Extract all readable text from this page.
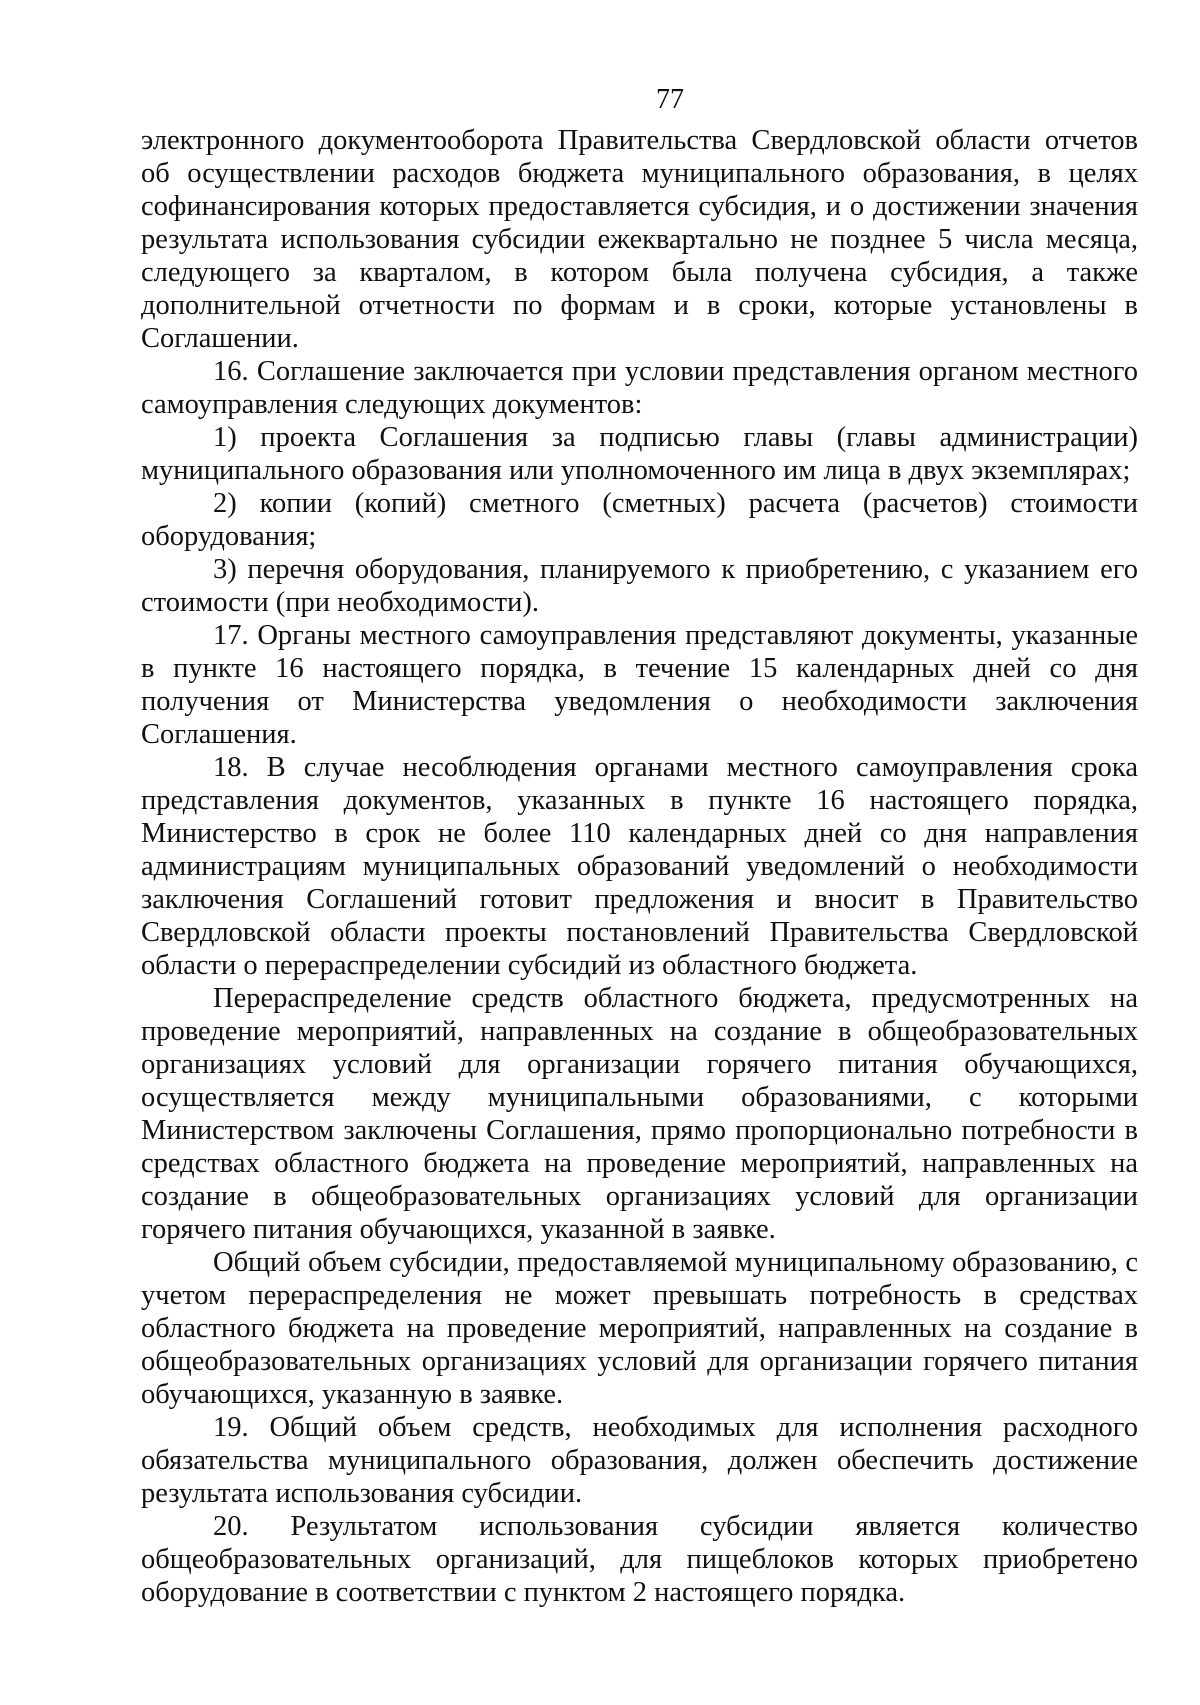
77

электронного документооборота Правительства Свердловской области отчетов об осуществлении расходов бюджета муниципального образования, в целях софинансирования которых предоставляется субсидия, и о достижении значения результата использования субсидии ежеквартально не позднее 5 числа месяца, следующего за кварталом, в котором была получена субсидия, а также дополнительной отчетности по формам и в сроки, которые установлены в Соглашении.

16. Соглашение заключается при условии представления органом местного самоуправления следующих документов:

1) проекта Соглашения за подписью главы (главы администрации) муниципального образования или уполномоченного им лица в двух экземплярах;

2) копии (копий) сметного (сметных) расчета (расчетов) стоимости оборудования;

3) перечня оборудования, планируемого к приобретению, с указанием его стоимости (при необходимости).

17. Органы местного самоуправления представляют документы, указанные в пункте 16 настоящего порядка, в течение 15 календарных дней со дня получения от Министерства уведомления о необходимости заключения Соглашения.

18. В случае несоблюдения органами местного самоуправления срока представления документов, указанных в пункте 16 настоящего порядка, Министерство в срок не более 110 календарных дней со дня направления администрациям муниципальных образований уведомлений о необходимости заключения Соглашений готовит предложения и вносит в Правительство Свердловской области проекты постановлений Правительства Свердловской области о перераспределении субсидий из областного бюджета.

Перераспределение средств областного бюджета, предусмотренных на проведение мероприятий, направленных на создание в общеобразовательных организациях условий для организации горячего питания обучающихся, осуществляется между муниципальными образованиями, с которыми Министерством заключены Соглашения, прямо пропорционально потребности в средствах областного бюджета на проведение мероприятий, направленных на создание в общеобразовательных организациях условий для организации горячего питания обучающихся, указанной в заявке.

Общий объем субсидии, предоставляемой муниципальному образованию, с учетом перераспределения не может превышать потребность в средствах областного бюджета на проведение мероприятий, направленных на создание в общеобразовательных организациях условий для организации горячего питания обучающихся, указанную в заявке.

19. Общий объем средств, необходимых для исполнения расходного обязательства муниципального образования, должен обеспечить достижение результата использования субсидии.

20. Результатом использования субсидии является количество общеобразовательных организаций, для пищеблоков которых приобретено оборудование в соответствии с пунктом 2 настоящего порядка.
